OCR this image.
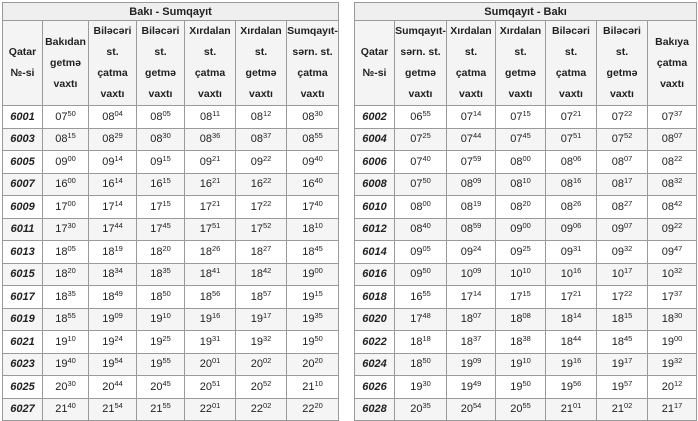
Bakı - Sumqayıt						

Qatar
№-si	Bakıdan
getmə
vaxtı	Biləcəri
st.
çatma
vaxtı	Biləcəri
st.
getmə
vaxtı	Xırdalan
st.
çatma
vaxtı	Xırdalan
st.
getmə
vaxtı	Sumqayıt-
sərn. st.
çatma
vaxtı

6001	$07^{50}$	$08^{04}$	$08^{05}$	$08^{11}$	$08^{12}$	$08^{30}$
6003	$08^{15}$	$08^{29}$	$08^{30}$	$08^{36}$	$08^{37}$	$08^{55}$
6005	$09^{00}$	$09^{14}$	$09^{15}$	$09^{21}$	$09^{22}$	$09^{40}$
6007	$16^{00}$	$16^{14}$	$16^{15}$	$16^{21}$	$16^{22}$	$16^{40}$
6009	$17^{00}$	$17^{14}$	$17^{15}$	$17^{21}$	$17^{22}$	$17^{40}$
6011	$17^{30}$	$17^{44}$	$17^{45}$	$17^{51}$	$17^{52}$	$18^{10}$
6013	$18^{05}$	$18^{19}$	$18^{20}$	$18^{26}$	$18^{27}$	$18^{45}$
6015	$18^{20}$	$18^{34}$	$18^{35}$	$18^{41}$	$18^{42}$	$19^{00}$
6017	$18^{35}$	$18^{49}$	$18^{50}$	$18^{56}$	$18^{57}$	$19^{15}$
6019	$18^{55}$	$19^{09}$	$19^{10}$	$19^{16}$	$19^{17}$	$19^{35}$
6021	$19^{10}$	$19^{24}$	$19^{25}$	$19^{31}$	$19^{32}$	$19^{50}$
6023	$19^{40}$	$19^{54}$	$19^{55}$	$20^{01}$	$20^{02}$	$20^{20}$
6025	$20^{30}$	$20^{44}$	$20^{45}$	$20^{51}$	$20^{52}$	$21^{10}$
6027	$21^{40}$	$21^{54}$	$21^{55}$	$22^{01}$	$22^{02}$	$22^{20}$
Sumqayıt - Bakı						

Qatar
№-si	Sumqayıt-
sərn. st.
getmə
vaxtı	Xırdalan
st.
çatma
vaxtı	Xırdalan
st.
getmə
vaxtı	Biləcəri
st.
çatma
vaxtı	Biləcəri
st.
getmə
vaxtı	Bakıya
çatma
vaxtı

6002	$06^{55}$	$07^{14}$	$07^{15}$	$07^{21}$	$07^{22}$	$07^{37}$
6004	$07^{25}$	$07^{44}$	$07^{45}$	$07^{51}$	$07^{52}$	$08^{07}$
6006	$07^{40}$	$07^{59}$	$08^{00}$	$08^{06}$	$08^{07}$	$08^{22}$
6008	$07^{50}$	$08^{09}$	$08^{10}$	$08^{16}$	$08^{17}$	$08^{32}$
6010	$08^{00}$	$08^{19}$	$08^{20}$	$08^{26}$	$08^{27}$	$08^{42}$
6012	$08^{40}$	$08^{59}$	$09^{00}$	$09^{06}$	$09^{07}$	$09^{22}$
6014	$09^{05}$	$09^{24}$	$09^{25}$	$09^{31}$	$09^{32}$	$09^{47}$
6016	$09^{50}$	$10^{09}$	$10^{10}$	$10^{16}$	$10^{17}$	$10^{32}$
6018	$16^{55}$	$17^{14}$	$17^{15}$	$17^{21}$	$17^{22}$	$17^{37}$
6020	$17^{48}$	$18^{07}$	$18^{08}$	$18^{14}$	$18^{15}$	$18^{30}$
6022	$18^{18}$	$18^{37}$	$18^{38}$	$18^{44}$	$18^{45}$	$19^{00}$
6024	$18^{50}$	$19^{09}$	$19^{10}$	$19^{16}$	$19^{17}$	$19^{32}$
6026	$19^{30}$	$19^{49}$	$19^{50}$	$19^{56}$	$19^{57}$	$20^{12}$
6028	$20^{35}$	$20^{54}$	$20^{55}$	$21^{01}$	$21^{02}$	$21^{17}$
